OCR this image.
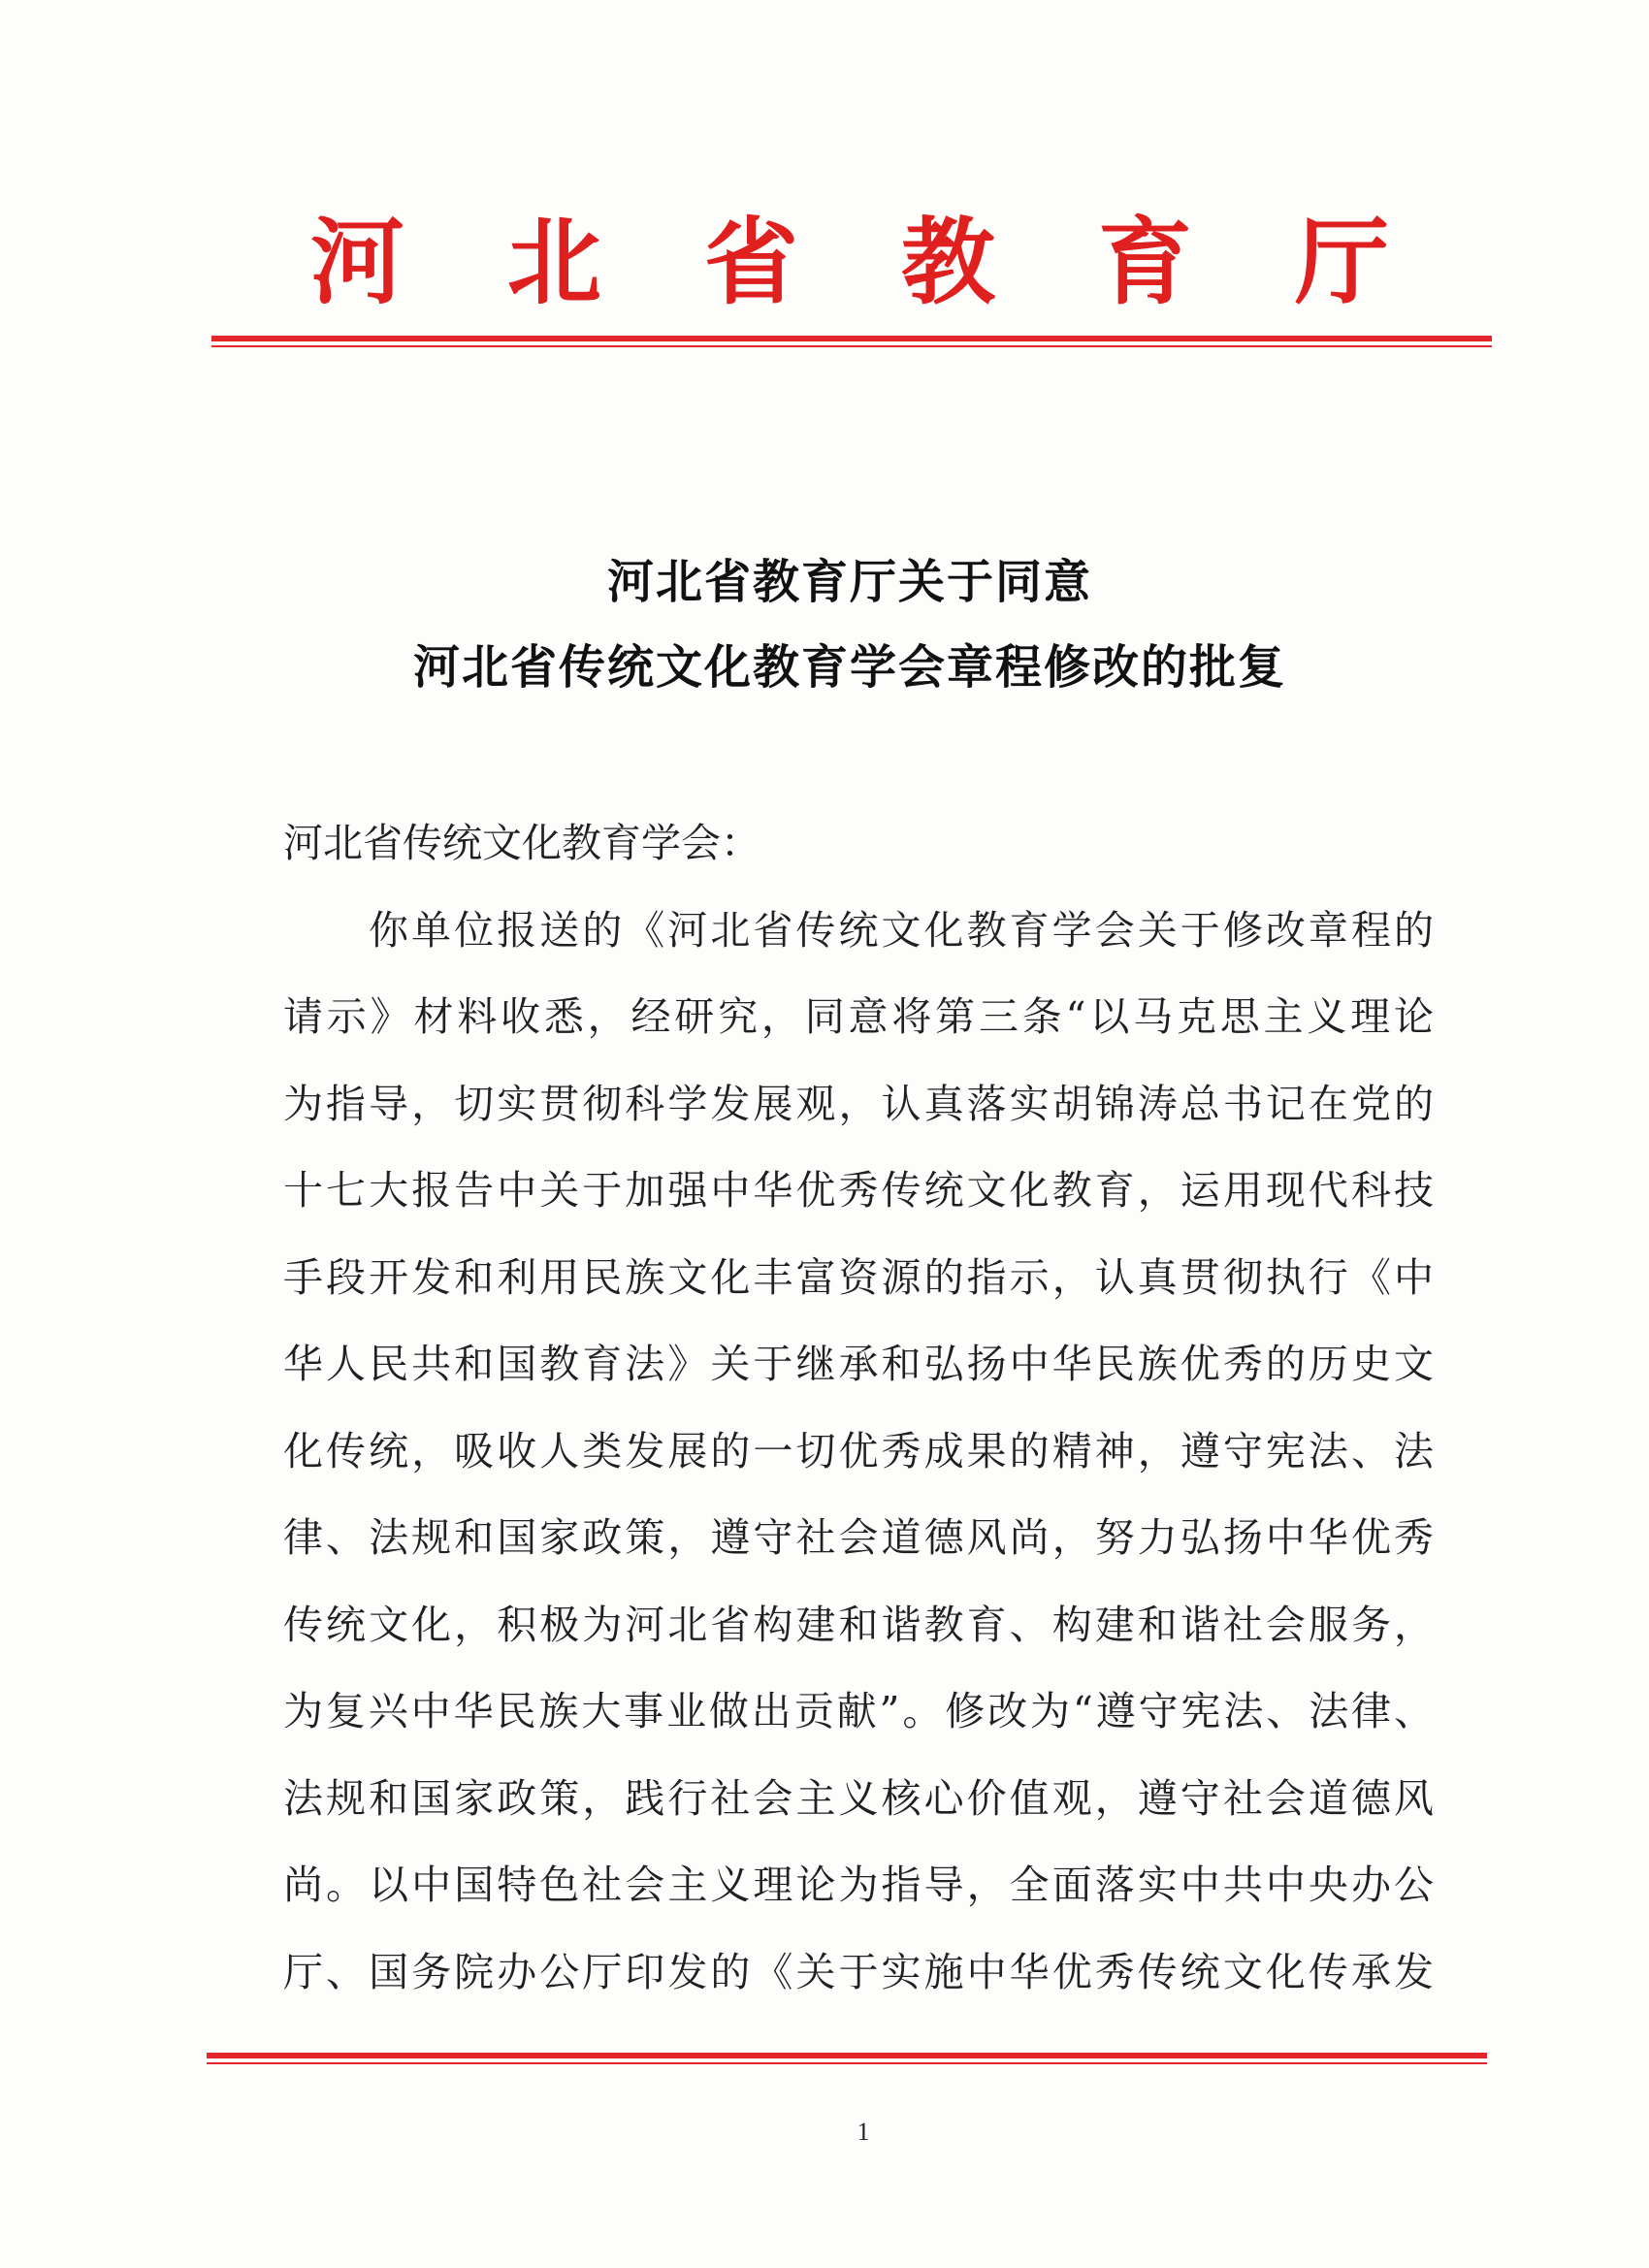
河北省教育厅
河北省教育厅关于同意
河北省传统文化教育学会章程修改的批复
河北省传统文化教育学会：
你单位报送的《河北省传统文化教育学会关于修改章程的
请示》材料收悉，经研究，同意将第三条“以马克思主义理论
为指导，切实贯彻科学发展观，认真落实胡锦涛总书记在党的
十七大报告中关于加强中华优秀传统文化教育，运用现代科技
手段开发和利用民族文化丰富资源的指示，认真贯彻执行《中
华人民共和国教育法》关于继承和弘扬中华民族优秀的历史文
化传统，吸收人类发展的一切优秀成果的精神，遵守宪法、法
律、法规和国家政策，遵守社会道德风尚，努力弘扬中华优秀
传统文化，积极为河北省构建和谐教育、构建和谐社会服务，
为复兴中华民族大事业做出贡献”。修改为“遵守宪法、法律、
法规和国家政策，践行社会主义核心价值观，遵守社会道德风
尚。以中国特色社会主义理论为指导，全面落实中共中央办公
厅、国务院办公厅印发的《关于实施中华优秀传统文化传承发
1
